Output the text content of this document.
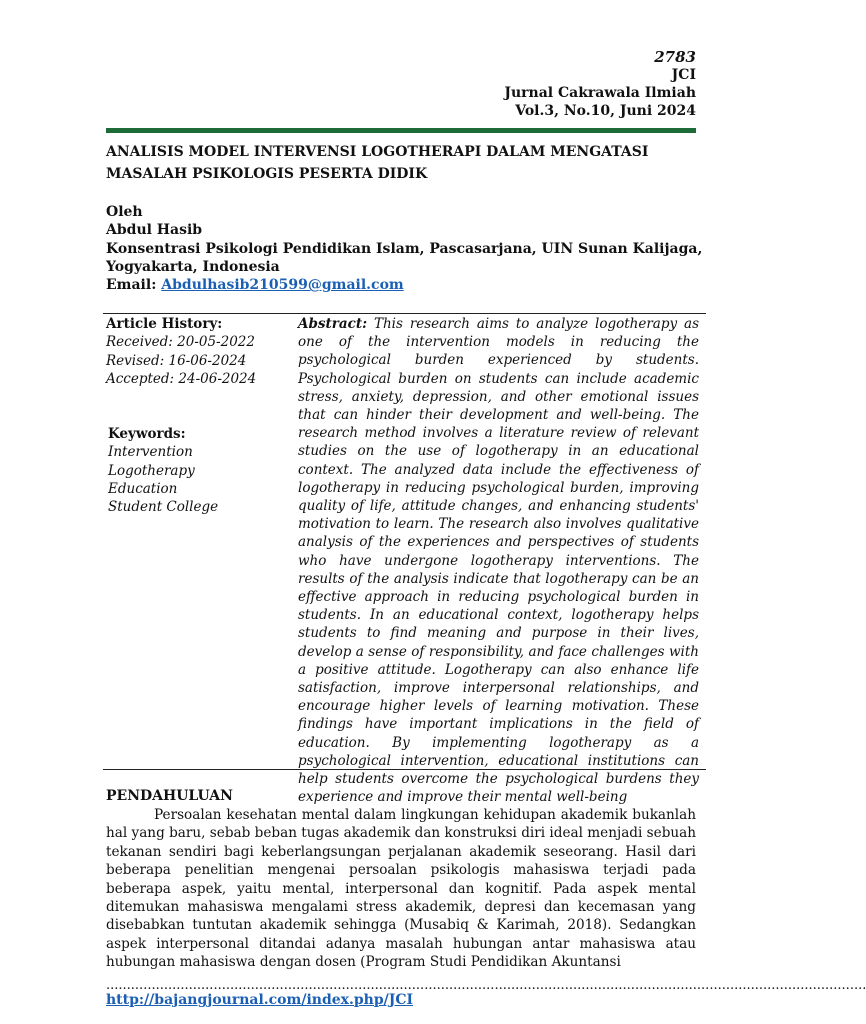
2783
JCI
Jurnal Cakrawala Ilmiah
Vol.3, No.10, Juni 2024
ANALISIS MODEL INTERVENSI LOGOTHERAPI DALAM MENGATASI MASALAH PSIKOLOGIS PESERTA DIDIK
Oleh
Abdul Hasib
Konsentrasi Psikologi Pendidikan Islam, Pascasarjana, UIN Sunan Kalijaga, Yogyakarta, Indonesia
Email: Abdulhasib210599@gmail.com
Article History:
Received: 20-05-2022
Revised: 16-06-2024
Accepted: 24-06-2024
Keywords:
Intervention
Logotherapy
Education
Student College
Abstract: This research aims to analyze logotherapy as one of the intervention models in reducing the psychological burden experienced by students. Psychological burden on students can include academic stress, anxiety, depression, and other emotional issues that can hinder their development and well-being. The research method involves a literature review of relevant studies on the use of logotherapy in an educational context. The analyzed data include the effectiveness of logotherapy in reducing psychological burden, improving quality of life, attitude changes, and enhancing students' motivation to learn. The research also involves qualitative analysis of the experiences and perspectives of students who have undergone logotherapy interventions. The results of the analysis indicate that logotherapy can be an effective approach in reducing psychological burden in students. In an educational context, logotherapy helps students to find meaning and purpose in their lives, develop a sense of responsibility, and face challenges with a positive attitude. Logotherapy can also enhance life satisfaction, improve interpersonal relationships, and encourage higher levels of learning motivation. These findings have important implications in the field of education. By implementing logotherapy as a psychological intervention, educational institutions can help students overcome the psychological burdens they experience and improve their mental well-being
PENDAHULUAN
Persoalan kesehatan mental dalam lingkungan kehidupan akademik bukanlah hal yang baru, sebab beban tugas akademik dan konstruksi diri ideal menjadi sebuah tekanan sendiri bagi keberlangsungan perjalanan akademik seseorang. Hasil dari beberapa penelitian mengenai persoalan psikologis mahasiswa terjadi pada beberapa aspek, yaitu mental, interpersonal dan kognitif. Pada aspek mental ditemukan mahasiswa mengalami stress akademik, depresi dan kecemasan yang disebabkan tuntutan akademik sehingga (Musabiq & Karimah, 2018). Sedangkan aspek interpersonal ditandai adanya masalah hubungan antar mahasiswa atau hubungan mahasiswa dengan dosen (Program Studi Pendidikan Akuntansi
........................................................................................................................................................................................
http://bajangjournal.com/index.php/JCI
